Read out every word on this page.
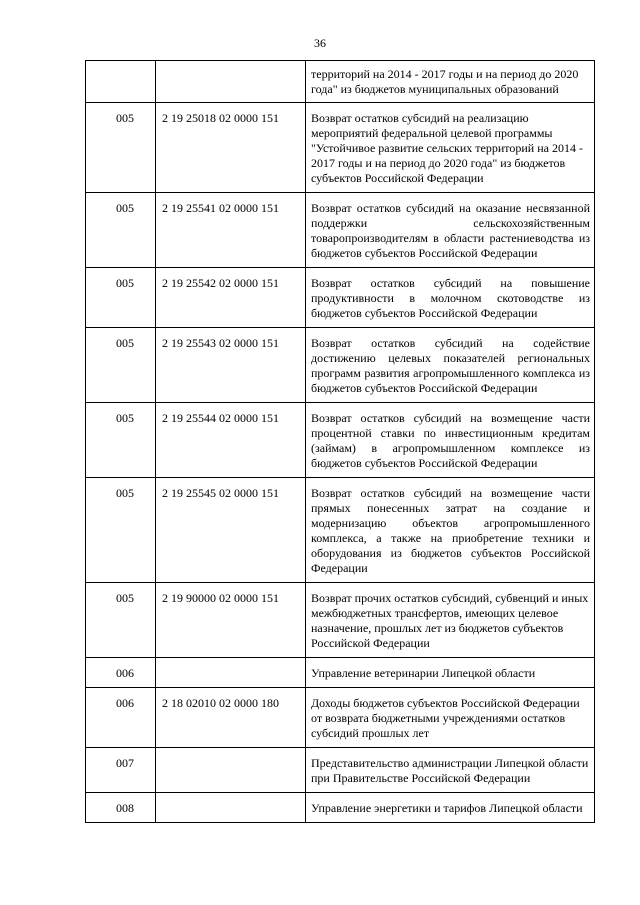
36
		территорий на 2014 - 2017 годы и на период до 2020 года" из бюджетов муниципальных образований
005	2 19 25018 02 0000 151	Возврат остатков субсидий на реализацию мероприятий федеральной целевой программы "Устойчивое развитие сельских территорий на 2014 - 2017 годы и на период до 2020 года" из бюджетов субъектов Российской Федерации
005	2 19 25541 02 0000 151	Возврат остатков субсидий на оказание несвязанной поддержки сельскохозяйственным товаропроизводителям в области растениеводства из бюджетов субъектов Российской Федерации
005	2 19 25542 02 0000 151	Возврат остатков субсидий на повышение продуктивности в молочном скотоводстве из бюджетов субъектов Российской Федерации
005	2 19 25543 02 0000 151	Возврат остатков субсидий на содействие достижению целевых показателей региональных программ развития агропромышленного комплекса из бюджетов субъектов Российской Федерации
005	2 19 25544 02 0000 151	Возврат остатков субсидий на возмещение части процентной ставки по инвестиционным кредитам (займам) в агропромышленном комплексе из бюджетов субъектов Российской Федерации
005	2 19 25545 02 0000 151	Возврат остатков субсидий на возмещение части прямых понесенных затрат на создание и модернизацию объектов агропромышленного комплекса, а также на приобретение техники и оборудования из бюджетов субъектов Российской Федерации
005	2 19 90000 02 0000 151	Возврат прочих остатков субсидий, субвенций и иных межбюджетных трансфертов, имеющих целевое назначение, прошлых лет из бюджетов субъектов Российской Федерации
006		Управление ветеринарии Липецкой области
006	2 18 02010 02 0000 180	Доходы бюджетов субъектов Российской Федерации от возврата бюджетными учреждениями остатков субсидий прошлых лет
007		Представительство администрации Липецкой области при Правительстве Российской Федерации
008		Управление энергетики и тарифов Липецкой области
